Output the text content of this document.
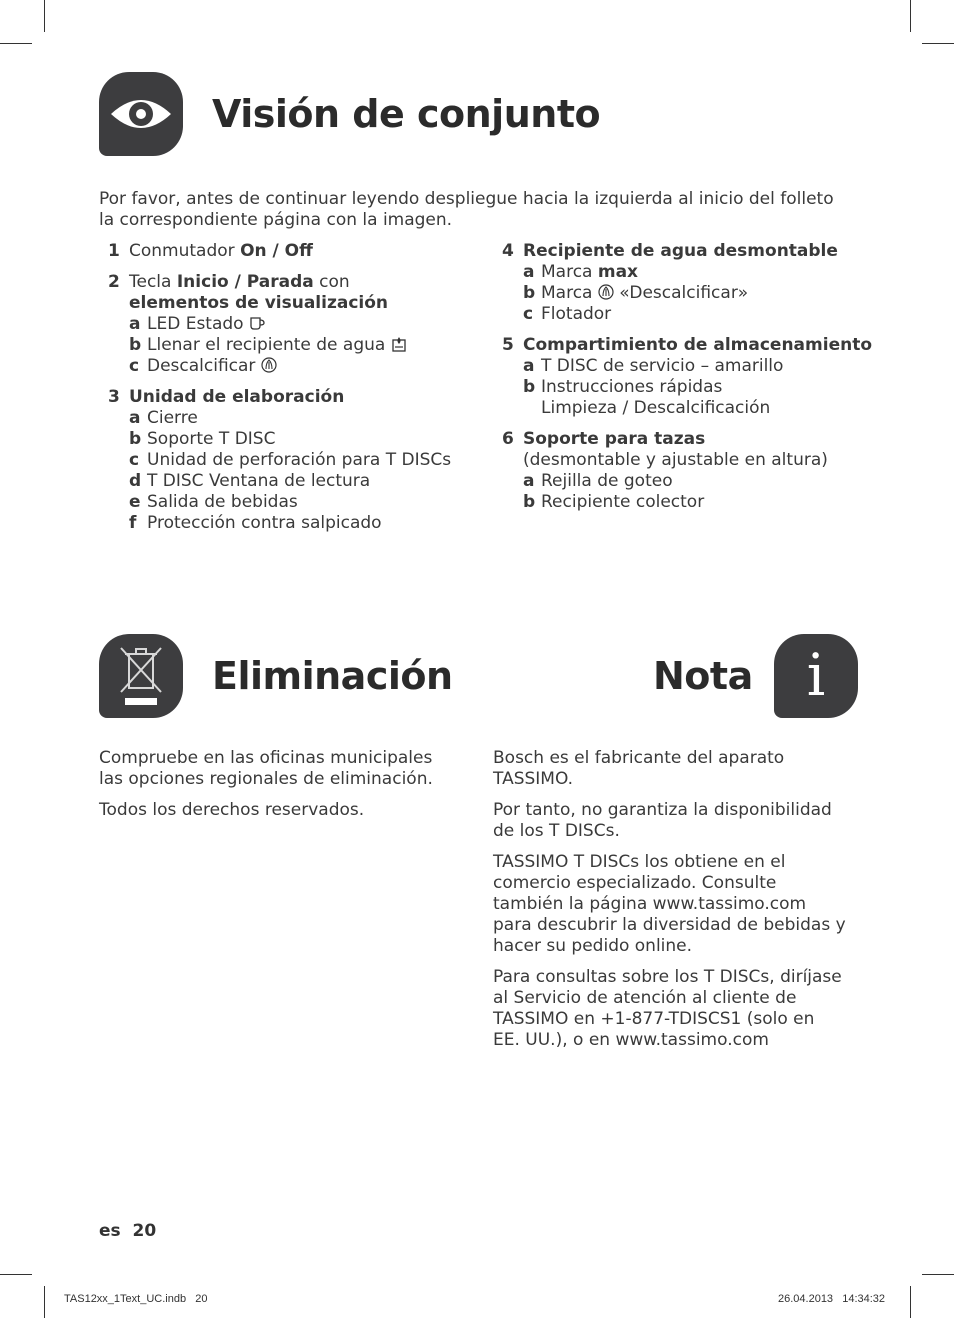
Visión de conjunto
Por favor, antes de continuar leyendo despliegue hacia la izquierda al inicio del folleto
la correspondiente página con la imagen.
1 Conmutador On / Off
2 Tecla Inicio / Parada con
elementos de visualización
a LED Estado
b Llenar el recipiente de agua
c Descalcificar
3 Unidad de elaboración
a Cierre
b Soporte T DISC
c Unidad de perforación para T DISCs
d T DISC Ventana de lectura
e Salida de bebidas
f Protección contra salpicado
4 Recipiente de agua desmontable
a Marca max
b Marca  «Descalcificar»
c Flotador
5 Compartimiento de almacenamiento
a T DISC de servicio – amarillo
b Instrucciones rápidas
Limpieza / Descalcificación
6 Soporte para tazas
(desmontable y ajustable en altura)
a Rejilla de goteo
b Recipiente colector
Eliminación
Compruebe en las oficinas municipales
las opciones regionales de eliminación.
Todos los derechos reservados.
Nota i
Bosch es el fabricante del aparato
TASSIMO.
Por tanto, no garantiza la disponibilidad
de los T DISCs.
TASSIMO T DISCs los obtiene en el
comercio especializado. Consulte
también la página www.tassimo.com
para descubrir la diversidad de bebidas y
hacer su pedido online.
Para consultas sobre los T DISCs, diríjase
al Servicio de atención al cliente de
TASSIMO en +1-877-TDISCS1 (solo en
EE. UU.), o en www.tassimo.com
es 20
TAS12xx_1Text_UC.indb   20	26.04.2013   14:34:32
